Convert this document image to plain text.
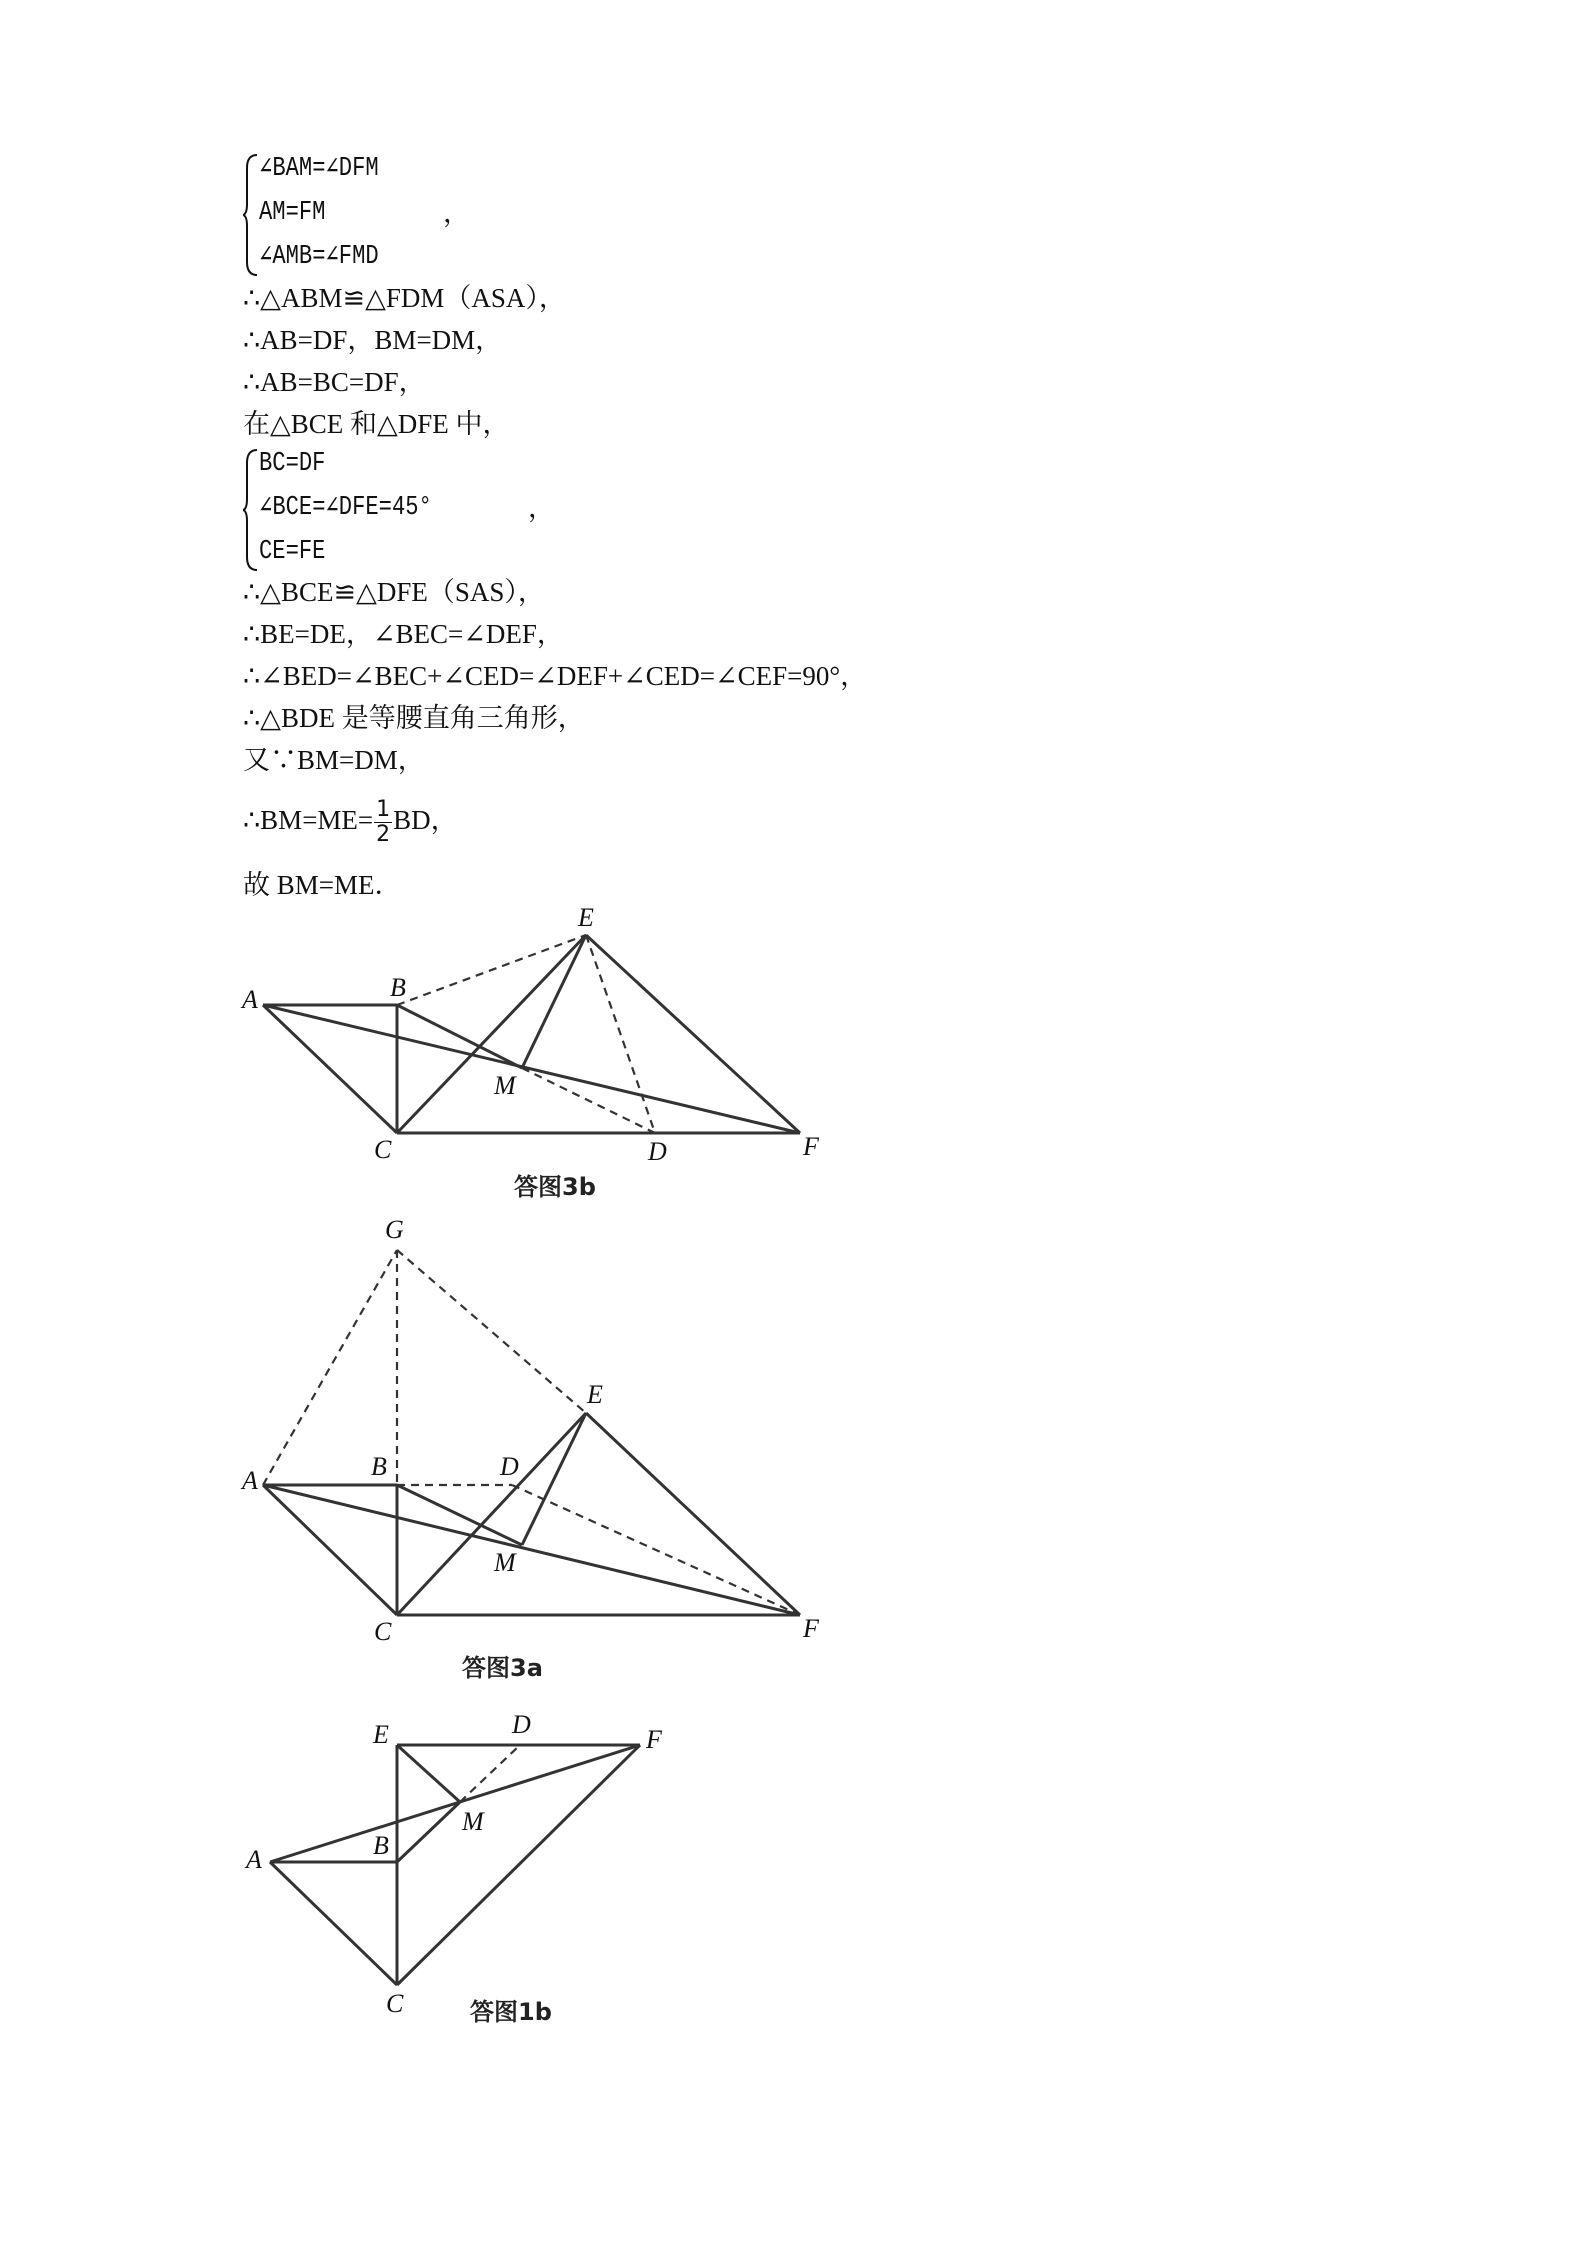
∠BAM=∠DFM
AM=FM
∠AMB=∠FMD
，
∴△ABM≌△FDM（ASA），
∴AB=DF，BM=DM，
∴AB=BC=DF，
在△BCE 和△DFE 中，
BC=DF
∠BCE=∠DFE=45°
CE=FE
，
∴△BCE≌△DFE（SAS），
∴BE=DE，∠BEC=∠DEF，
∴∠BED=∠BEC+∠CED=∠DEF+∠CED=∠CEF=90°，
∴△BDE 是等腰直角三角形，
又∵BM=DM，
∴BM=ME= $\frac{1}{2}$ BD，
故 BM=ME．
A	B
C	D
E
F
M
答图3b
A	B
C
D
E
F
G
M
答图3a
A	B
C
D
E	F
M
答图1b
